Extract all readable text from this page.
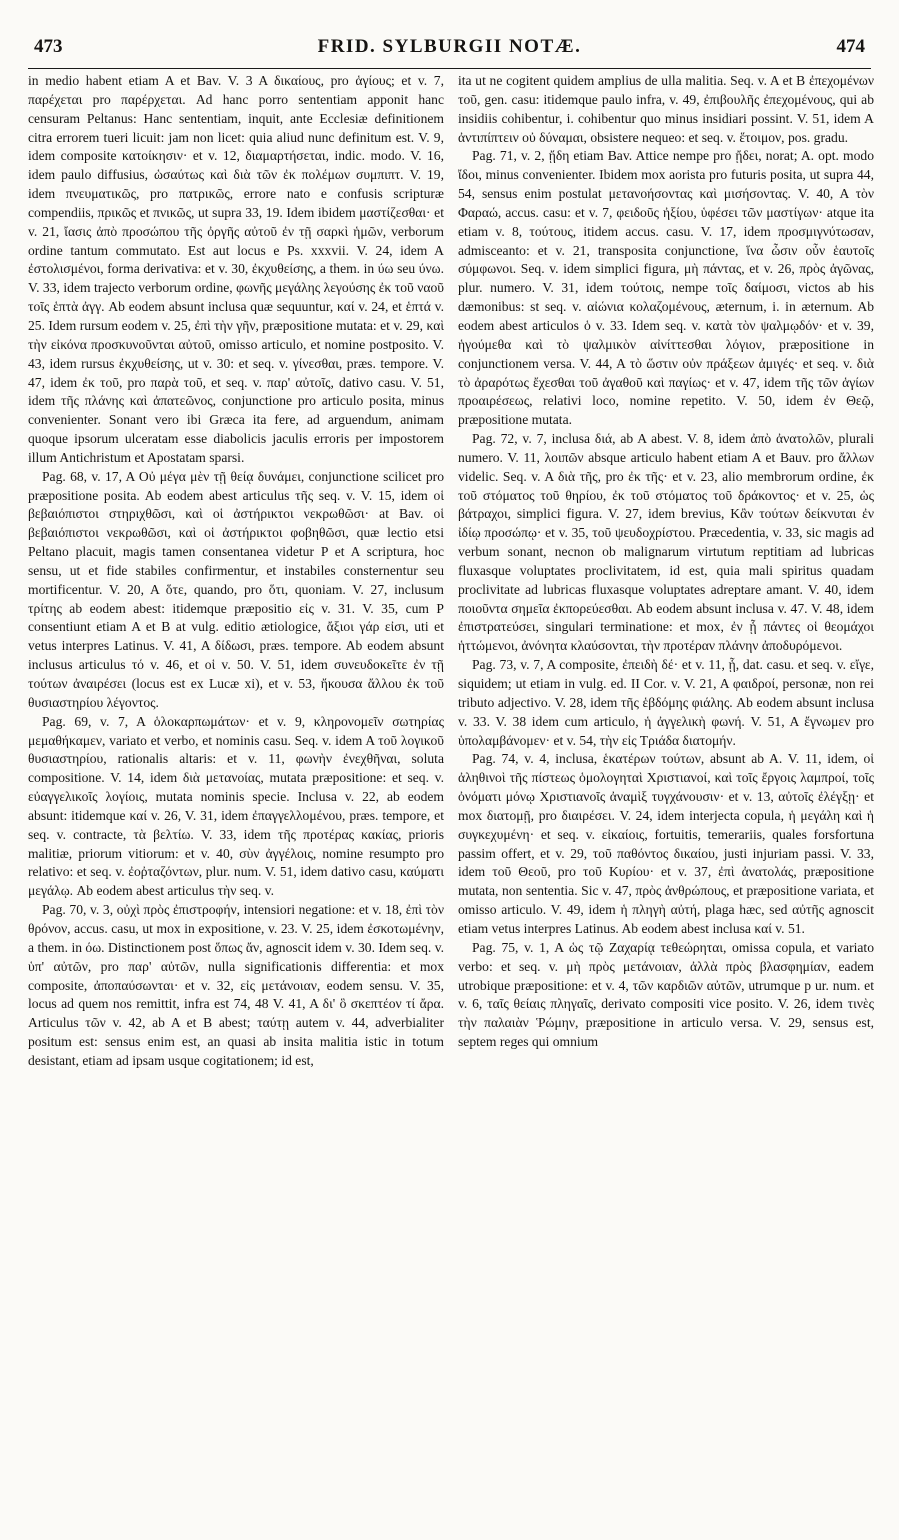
473	FRID. SYLBURGII NOTÆ.	474

in medio habent etiam A et Bav. V. 3 A δικαίους, pro ἁγίους; et v. 7, παρέχεται pro παρέρχεται. Ad hanc porro sententiam apponit hanc censuram Peltanus: Hanc sententiam, inquit, ante Ecclesiæ definitionem citra errorem tueri licuit: jam non licet: quia aliud nunc definitum est. V. 9, idem composite κατοίκησιν· et v. 12, διαμαρτήσεται, indic. modo. V. 16, idem paulo diffusius, ὡσαύτως καὶ διὰ τῶν ἐκ πολέμων συμπιπτ. V. 19, idem πνευματικῶς, pro πατρικῶς, errore nato e confusis scripturæ compendiis, πρικῶς et πνικῶς, ut supra 33, 19. Idem ibidem μαστίζεσθαι· et v. 21, ἴασις ἀπὸ προσώπου τῆς ὀργῆς αὐτοῦ ἐν τῇ σαρκὶ ἡμῶν, verborum ordine tantum commutato. Est aut locus e Ps. xxxvii. V. 24, idem A ἐστολισμένοι, forma derivativa: et v. 30, ἐκχυθείσης, a them. in ύω seu ύνω. V. 33, idem trajecto verborum ordine, φωνῆς μεγάλης λεγούσης ἐκ τοῦ ναοῦ τοῖς ἑπτὰ ἀγγ. Ab eodem absunt inclusa quæ sequuntur, καί v. 24, et ἑπτά v. 25. Idem rursum eodem v. 25, ἐπὶ τὴν γῆν, præpositione mutata: et v. 29, καὶ τὴν εἰκόνα προσκυνοῦνται αὐτοῦ, omisso articulo, et nomine postposito. V. 43, idem rursus ἐκχυθείσης, ut v. 30: et seq. v. γίνεσθαι, præs. tempore. V. 47, idem ἐκ τοῦ, pro παρὰ τοῦ, et seq. v. παρ' αὐτοῖς, dativo casu. V. 51, idem τῆς πλάνης καὶ ἀπατεῶνος, conjunctione pro articulo posita, minus convenienter. Sonant vero ibi Græca ita fere, ad arguendum, animam quoque ipsorum ulceratam esse diabolicis jaculis erroris per impostorem illum Antichristum et Apostatam sparsi.

Pag. 68, v. 17, A Οὐ μέγα μὲν τῇ θείᾳ δυνάμει, conjunctione scilicet pro præpositione posita. Ab eodem abest articulus τῆς seq. v. V. 15, idem οἱ βεβαιόπιστοι στηριχθῶσι, καὶ οἱ ἀστήρικτοι νεκρωθῶσι· at Bav. οἱ βεβαιόπιστοι νεκρωθῶσι, καὶ οἱ ἀστήρικτοι φοβηθῶσι, quæ lectio etsi Peltano placuit, magis tamen consentanea videtur P et A scriptura, hoc sensu, ut et fide stabiles confirmentur, et instabiles consternentur seu mortificentur. V. 20, A ὅτε, quando, pro ὅτι, quoniam. V. 27, inclusum τρίτης ab eodem abest: itidemque præpositio εἰς v. 31. V. 35, cum P consentiunt etiam A et B at vulg. editio ætiologice, ἄξιοι γάρ εἰσι, uti et vetus interpres Latinus. V. 41, A δίδωσι, præs. tempore. Ab eodem absunt inclusus articulus τό v. 46, et οἱ v. 50. V. 51, idem συνευδοκεῖτε ἐν τῇ τούτων ἀναιρέσει (locus est ex Lucæ xi), et v. 53, ἤκουσα ἄλλου ἐκ τοῦ θυσιαστηρίου λέγοντος.

Pag. 69, v. 7, A ὁλοκαρπωμάτων· et v. 9, κληρονομεῖν σωτηρίας μεμαθήκαμεν, variato et verbo, et nominis casu. Seq. v. idem A τοῦ λογικοῦ θυσιαστηρίου, rationalis altaris: et v. 11, φωνὴν ἐνεχθῆναι, soluta compositione. V. 14, idem διὰ μετανοίας, mutata præpositione: et seq. v. εὐαγγελικοῖς λογίοις, mutata nominis specie. Inclusa v. 22, ab eodem absunt: itidemque καί v. 26, V. 31, idem ἐπαγγελλομένου, præs. tempore, et seq. v. contracte, τὰ βελτίω. V. 33, idem τῆς προτέρας κακίας, prioris malitiæ, priorum vitiorum: et v. 40, σὺν ἀγγέλοις, nomine resumpto pro relativo: et seq. v. ἐοῤταζόντων, plur. num. V. 51, idem dativo casu, καύματι μεγάλῳ. Ab eodem abest articulus τὴν seq. v.

Pag. 70, v. 3, οὐχὶ πρὸς ἐπιστροφήν, intensiori negatione: et v. 18, ἐπὶ τὸν θρόνον, accus. casu, ut mox in expositione, v. 23. V. 25, idem ἐσκοτωμένην, a them. in όω. Distinctionem post ὅπως ἄν, agnoscit idem v. 30. Idem seq. v. ὑπ' αὐτῶν, pro παρ' αὐτῶν, nulla significationis differentia: et mox composite, ἀποπαύσωνται· et v. 32, εἰς μετάνοιαν, eodem sensu. V. 35, locus ad quem nos remittit, infra est 74, 48 V. 41, A δι' ὃ σκεπτέον τί ἄρα. Articulus τῶν v. 42, ab A et B abest; ταύτῃ autem v. 44, adverbialiter positum est: sensus enim est, an quasi ab insita malitia istic in totum desistant, etiam ad ipsam usque cogitationem; id est,

ita ut ne cogitent quidem amplius de ulla malitia. Seq. v. A et B ἐπεχομένων τοῦ, gen. casu: itidemque paulo infra, v. 49, ἐπιβουλῆς ἐπεχομένους, qui ab insidiis cohibentur, i. cohibentur quo minus insidiari possint. V. 51, idem A ἀντιπίπτειν οὐ δύναμαι, obsistere nequeo: et seq. v. ἕτοιμον, pos. gradu.

Pag. 71, v. 2, ᾔδη etiam Bav. Attice nempe pro ᾔδει, norat; A. opt. modo ἴδοι, minus convenienter. Ibidem mox aorista pro futuris posita, ut supra 44, 54, sensus enim postulat μετανοήσοντας καὶ μισήσοντας. V. 40, A τὸν Φαραώ, accus. casu: et v. 7, φειδοῦς ἠξίου, ὑφέσει τῶν μαστίγων· atque ita etiam v. 8, τούτους, itidem accus. casu. V. 17, idem προσμιγνύτωσαν, admisceanto: et v. 21, transposita conjunctione, ἵνα ὦσιν οὖν ἑαυτοῖς σύμφωνοι. Seq. v. idem simplici figura, μὴ πάντας, et v. 26, πρὸς ἀγῶνας, plur. numero. V. 31, idem τούτοις, nempe τοῖς δαίμοσι, victos ab his dæmonibus: st seq. v. αἰώνια κολαζομένους, æternum, i. in æternum. Ab eodem abest articulos ὁ v. 33. Idem seq. v. κατὰ τὸν ψαλμῳδόν· et v. 39, ἡγούμεθα καὶ τὸ ψαλμικὸν αἰνίττεσθαι λόγιον, præpositione in conjunctionem versa. V. 44, A τὸ ὥστιν οὐν πράξεων ἀμιγές· et seq. v. διὰ τὸ ἀραρότως ἔχεσθαι τοῦ ἀγαθοῦ καὶ παγίως· et v. 47, idem τῆς τῶν ἁγίων προαιρέσεως, relativi loco, nomine repetito. V. 50, idem ἐν Θεῷ, præpositione mutata.

Pag. 72, v. 7, inclusa διά, ab A abest. V. 8, idem ἀπὸ ἀνατολῶν, plurali numero. V. 11, λοιπῶν absque articulo habent etiam A et Bauv. pro ἄλλων videlic. Seq. v. A διὰ τῆς, pro ἐκ τῆς· et v. 23, alio membrorum ordine, ἐκ τοῦ στόματος τοῦ θηρίου, ἐκ τοῦ στόματος τοῦ δράκοντος· et v. 25, ὡς βάτραχοι, simplici figura. V. 27, idem brevius, Κἂν τούτων δείκνυται ἐν ἰδίῳ προσώπῳ· et v. 35, τοῦ ψευδοχρίστου. Præcedentia, v. 33, sic magis ad verbum sonant, necnon ob malignarum virtutum reptitiam ad lubricas fluxasque voluptates proclivitatem, id est, quia mali spiritus quadam proclivitate ad lubricas fluxasque voluptates adreptare amant. V. 40, idem ποιοῦντα σημεῖα ἐκπορεύεσθαι. Ab eodem absunt inclusa v. 47. V. 48, idem ἐπιστρατεύσει, singulari terminatione: et mox, ἐν ᾗ πάντες οἱ θεομάχοι ἡττώμενοι, ἀνόνητα κλαύσονται, τὴν προτέραν πλάνην ἀποδυρόμενοι.

Pag. 73, v. 7, A composite, ἐπειδὴ δέ· et v. 11, ᾗ, dat. casu. et seq. v. εἴγε, siquidem; ut etiam in vulg. ed. II Cor. v. V. 21, A φαιδροί, personæ, non rei tributo adjectivo. V. 28, idem τῆς ἑβδόμης φιάλης. Ab eodem absunt inclusa v. 33. V. 38 idem cum articulo, ἡ ἀγγελικὴ φωνή. V. 51, A ἔγνωμεν pro ὑπολαμβάνομεν· et v. 54, τὴν εἰς Τριάδα διατομήν.

Pag. 74, v. 4, inclusa, ἑκατέρων τούτων, absunt ab A. V. 11, idem, οἱ ἀληθινοὶ τῆς πίστεως ὁμολογηταὶ Χριστιανοί, καὶ τοῖς ἔργοις λαμπροί, τοῖς ὀνόματι μόνῳ Χριστιανοῖς ἀναμὶξ τυγχάνουσιν· et v. 13, αὐτοῖς ἐλέγξῃ· et mox διατομῇ, pro διαιρέσει. V. 24, idem interjecta copula, ἡ μεγάλη καὶ ἡ συγκεχυμένη· et seq. v. εἰκαίοις, fortuitis, temerariis, quales forsfortuna passim offert, et v. 29, τοῦ παθόντος δικαίου, justi injuriam passi. V. 33, idem τοῦ Θεοῦ, pro τοῦ Κυρίου· et v. 37, ἐπὶ ἀνατολάς, præpositione mutata, non sententia. Sic v. 47, πρὸς ἀνθρώπους, et præpositione variata, et omisso articulo. V. 49, idem ἡ πληγὴ αὐτή, plaga hæc, sed αὐτῆς agnoscit etiam vetus interpres Latinus. Ab eodem abest inclusa καί v. 51.

Pag. 75, v. 1, A ὡς τῷ Ζαχαρίᾳ τεθεώρηται, omissa copula, et variato verbo: et seq. v. μὴ πρὸς μετάνοιαν, ἀλλὰ πρὸς βλασφημίαν, eadem utrobique præpositione: et v. 4, τῶν καρδιῶν αὐτῶν, utrumque p ur. num. et v. 6, ταῖς θείαις πληγαῖς, derivato compositi vice posito. V. 26, idem τινὲς τὴν παλαιὰν Ῥώμην, præpositione in articulo versa. V. 29, sensus est, septem reges qui omnium
